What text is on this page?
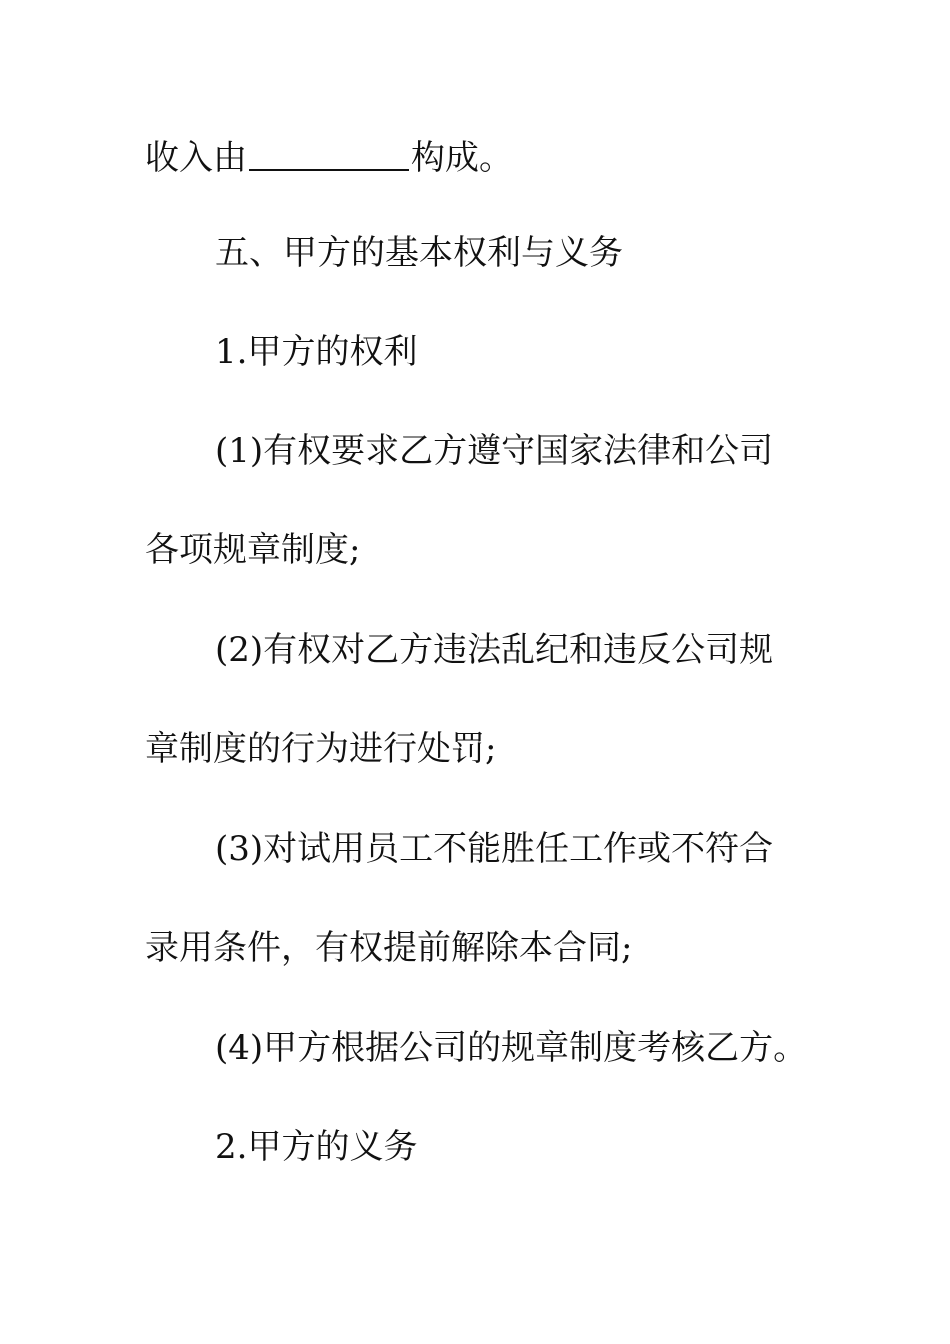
收入由	构成。
五、甲方的基本权利与义务
1.甲方的权利
(1)有权要求乙方遵守国家法律和公司
各项规章制度;
(2)有权对乙方违法乱纪和违反公司规
章制度的行为进行处罚;
(3)对试用员工不能胜任工作或不符合
录用条件，有权提前解除本合同;
(4)甲方根据公司的规章制度考核乙方。
2.甲方的义务
